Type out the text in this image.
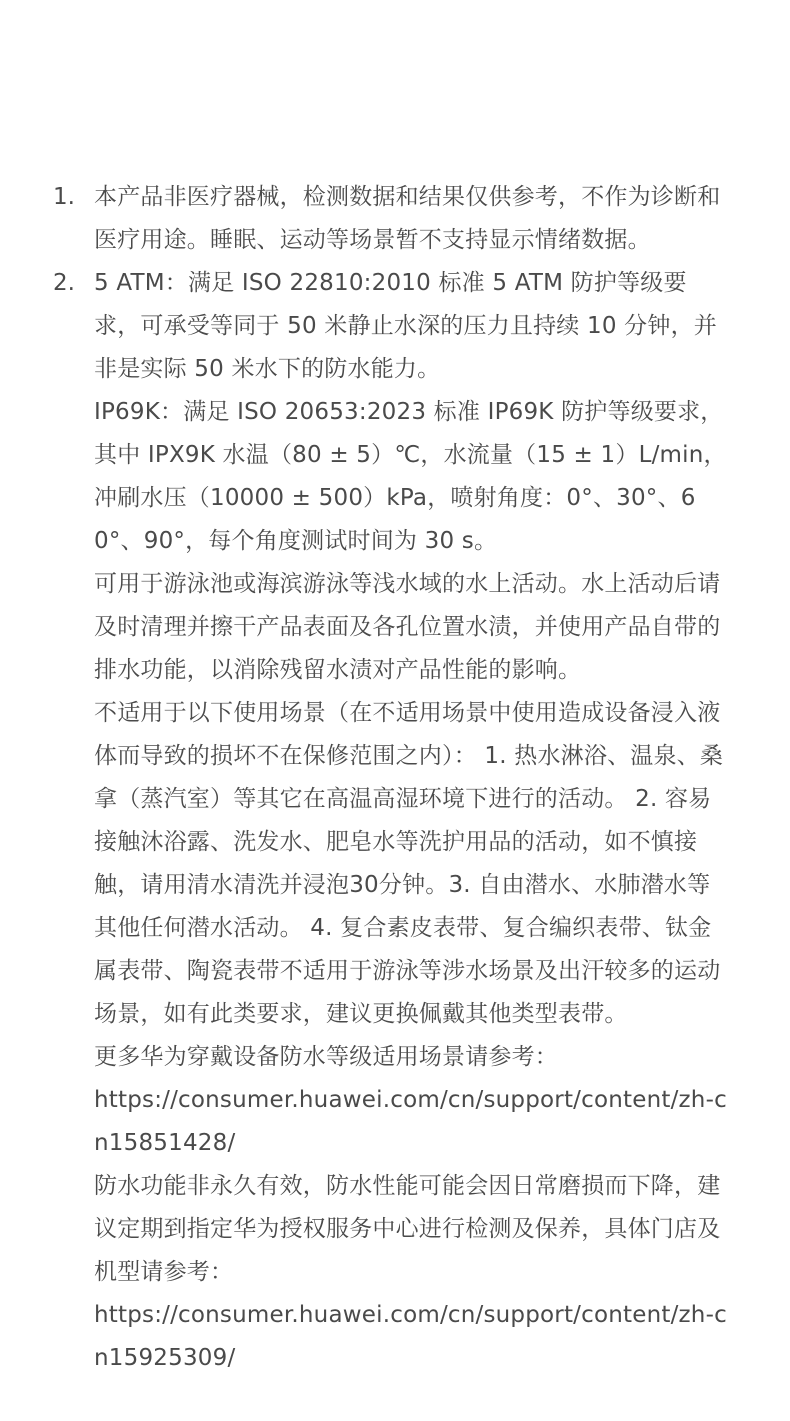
1. 本产品非医疗器械，检测数据和结果仅供参考，不作为诊断和医疗用途。睡眠、运动等场景暂不支持显示情绪数据。

2. 5 ATM：满足 ISO 22810:2010 标准 5 ATM 防护等级要求，可承受等同于 50 米静止水深的压力且持续 10 分钟，并非是实际 50 米水下的防水能力。

IP69K：满足 ISO 20653:2023 标准 IP69K 防护等级要求，其中 IPX9K 水温（80 ± 5）℃，水流量（15 ± 1）L/min，冲刷水压（10000 ± 500）kPa，喷射角度：0°、30°、60°、90°，每个角度测试时间为 30 s。

可用于游泳池或海滨游泳等浅水域的水上活动。水上活动后请及时清理并擦干产品表面及各孔位置水渍，并使用产品自带的排水功能，以消除残留水渍对产品性能的影响。

不适用于以下使用场景（在不适用场景中使用造成设备浸入液体而导致的损坏不在保修范围之内）： 1. 热水淋浴、温泉、桑拿（蒸汽室）等其它在高温高湿环境下进行的活动。 2. 容易接触沐浴露、洗发水、肥皂水等洗护用品的活动，如不慎接触，请用清水清洗并浸泡30分钟。3. 自由潜水、水肺潜水等其他任何潜水活动。 4. 复合素皮表带、复合编织表带、钛金属表带、陶瓷表带不适用于游泳等涉水场景及出汗较多的运动场景，如有此类要求，建议更换佩戴其他类型表带。

更多华为穿戴设备防水等级适用场景请参考：

https://consumer.huawei.com/cn/support/content/zh-cn15851428/

防水功能非永久有效，防水性能可能会因日常磨损而下降，建议定期到指定华为授权服务中心进行检测及保养，具体门店及机型请参考：

https://consumer.huawei.com/cn/support/content/zh-cn15925309/
